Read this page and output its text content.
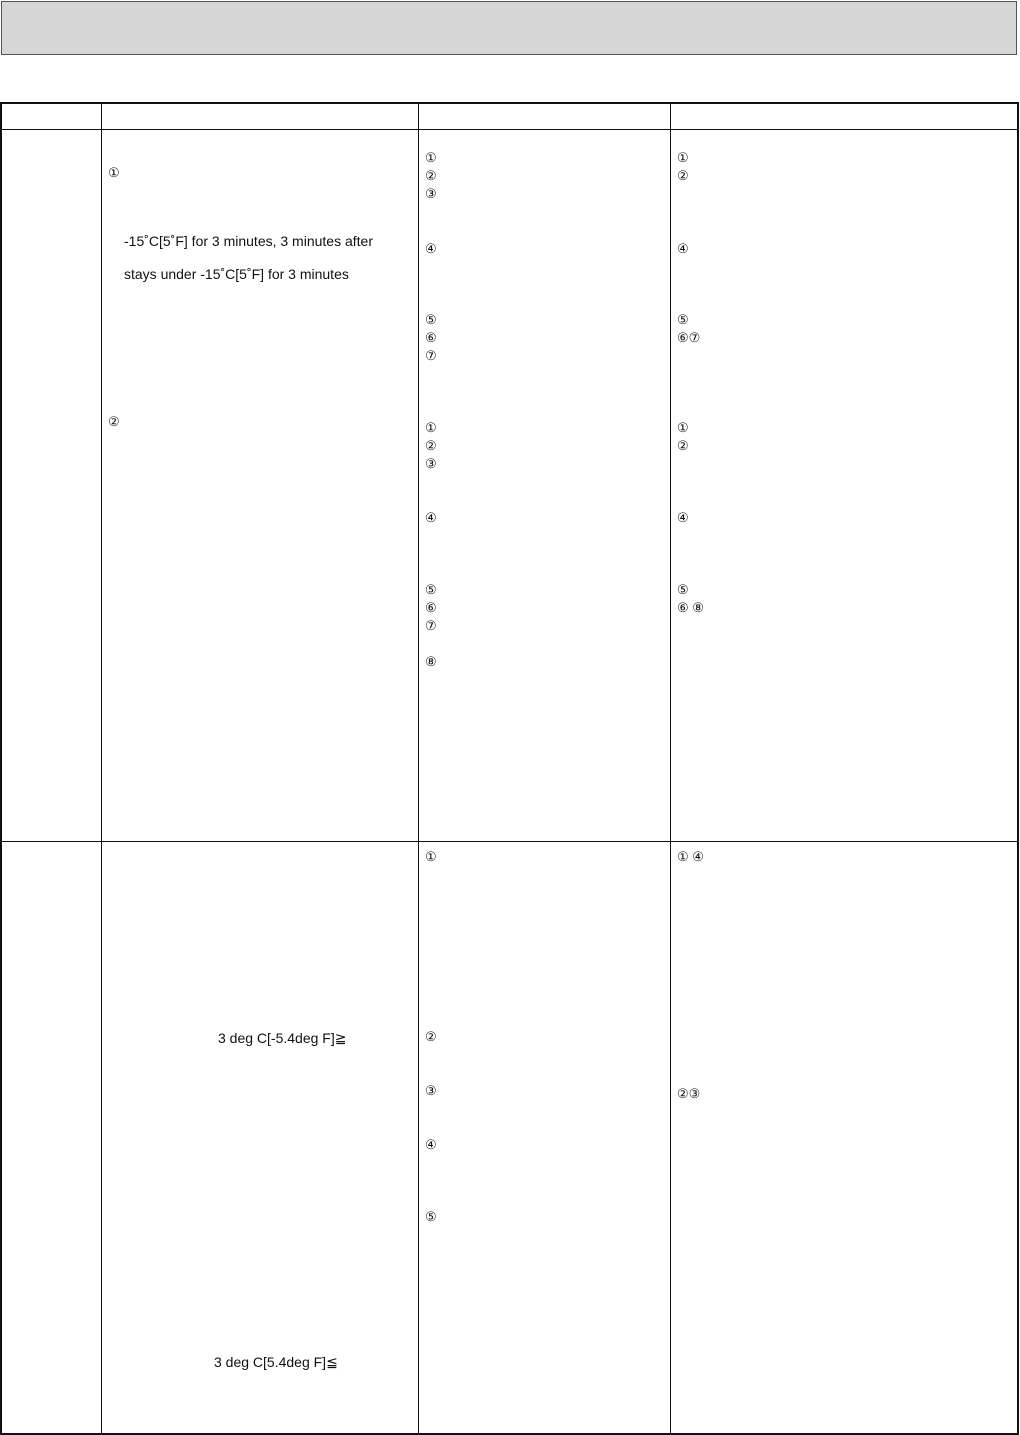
①
-15˚C[5˚F] for 3 minutes, 3 minutes after
stays under -15˚C[5˚F] for 3 minutes
②
①
②
③
④
⑤
⑥
⑦
①
②
③
④
⑤
⑥
⑦
⑧
①
②
④
⑤
⑥⑦
①
②
④
⑤
⑥ ⑧
3 deg C[-5.4deg F]≧
3 deg C[5.4deg F]≦
①
②
③
④
⑤
① ④
②③
